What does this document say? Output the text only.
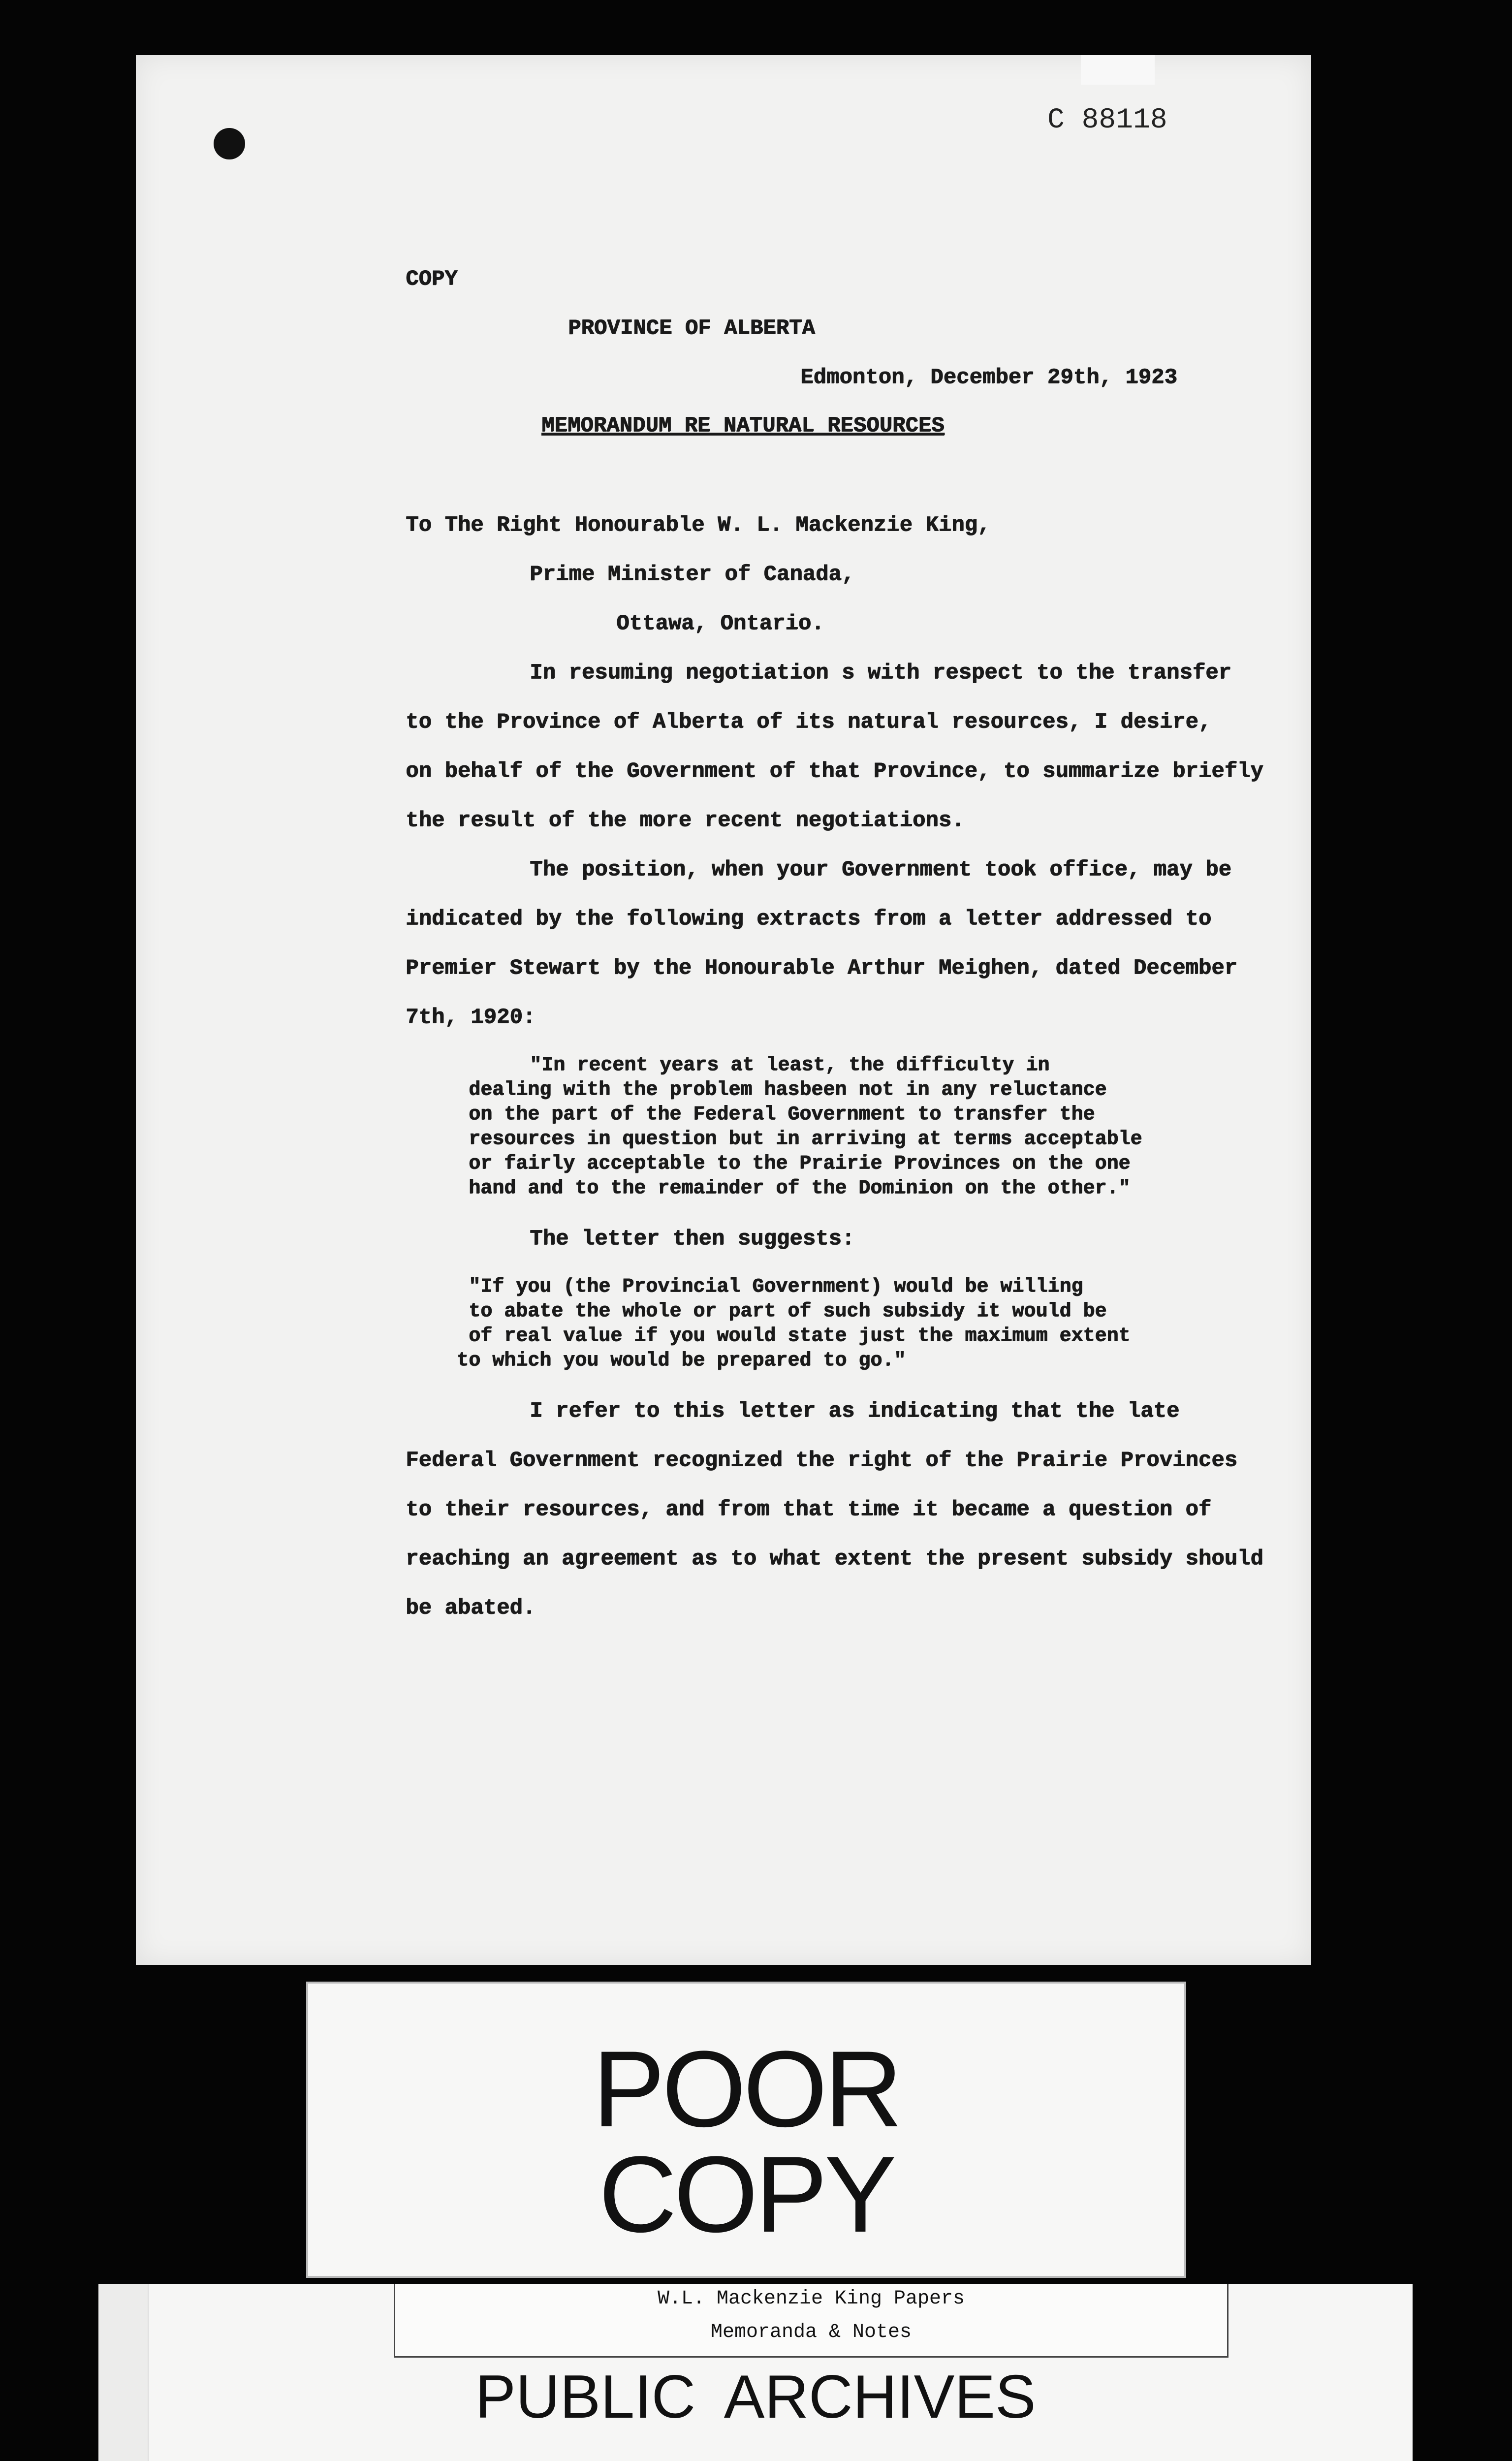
C 88118

COPY

PROVINCE OF ALBERTA

Edmonton, December 29th, 1923

MEMORANDUM RE NATURAL RESOURCES

To The Right Honourable W. L. Mackenzie King,

Prime Minister of Canada,

Ottawa, Ontario.

In resuming negotiation s with respect to the transfer

to the Province of Alberta of its natural resources, I desire,

on behalf of the Government of that Province, to summarize briefly

the result of the more recent negotiations.

The position, when your Government took office, may be

indicated by the following extracts from a letter addressed to

Premier Stewart by the Honourable Arthur Meighen, dated December

7th, 1920:

"In recent years at least, the difficulty in

dealing with the problem hasbeen not in any reluctance

on the part of the Federal Government to transfer the

resources in question but in arriving at terms acceptable

or fairly acceptable to the Prairie Provinces on the one

hand and to the remainder of the Dominion on the other."

The letter then suggests:

"If you (the Provincial Government) would be willing

to abate the whole or part of such subsidy it would be

of real value if you would state just the maximum extent

to which you would be prepared to go."

I refer to this letter as indicating that the late

Federal Government recognized the right of the Prairie Provinces

to their resources, and from that time it became a question of

reaching an agreement as to what extent the present subsidy should

be abated.

POOR
COPY

W.L. Mackenzie King Papers

Memoranda & Notes

PUBLIC ARCHIVES
